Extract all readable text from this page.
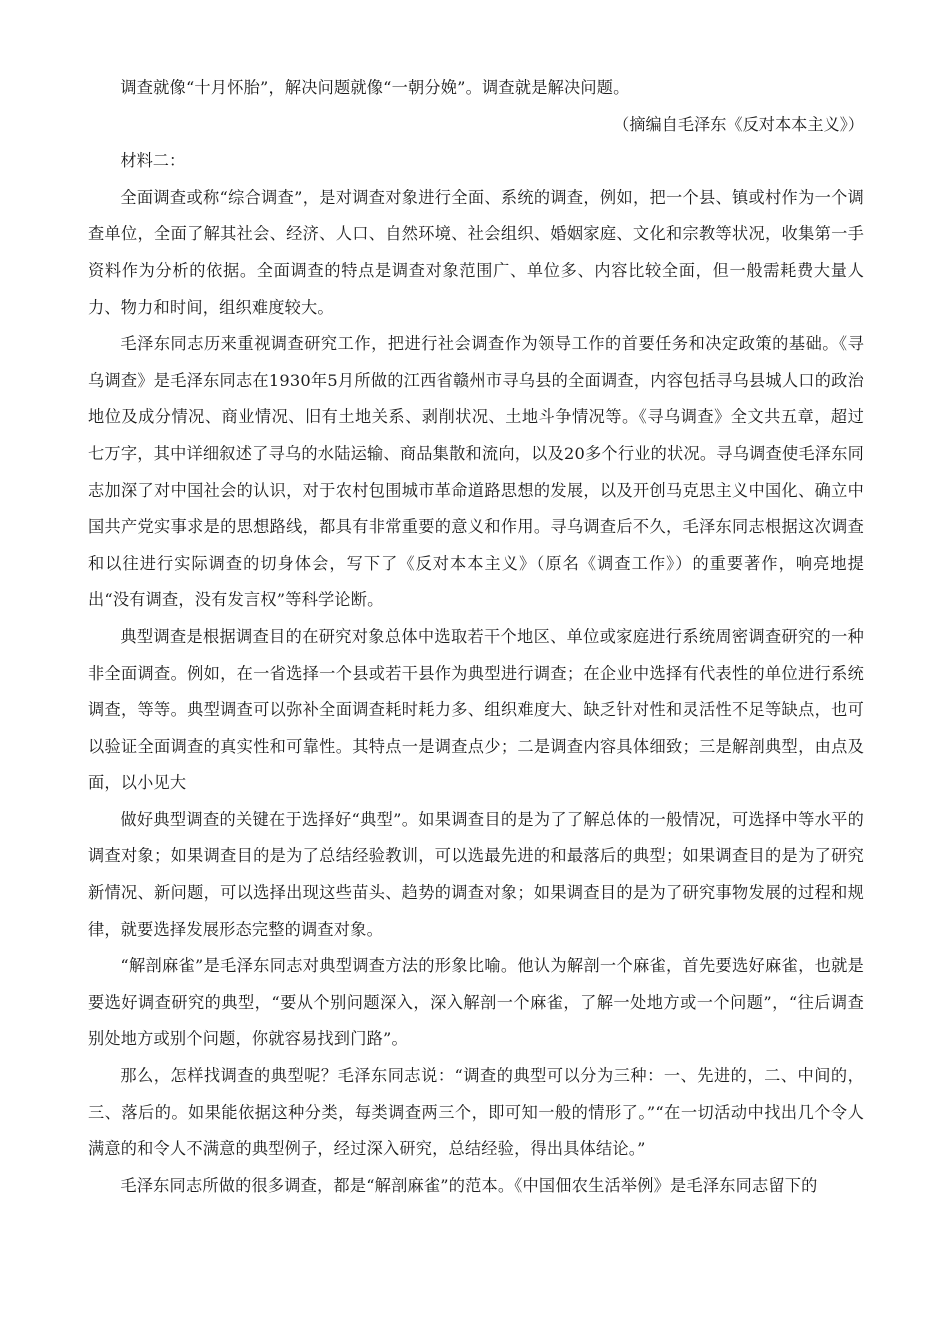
调查就像“十月怀胎”，解决问题就像“一朝分娩”。调查就是解决问题。

（摘编自毛泽东《反对本本主义》）

材料二：

全面调查或称“综合调查”，是对调查对象进行全面、系统的调查，例如，把一个县、镇或村作为一个调查单位，全面了解其社会、经济、人口、自然环境、社会组织、婚姻家庭、文化和宗教等状况，收集第一手资料作为分析的依据。全面调查的特点是调查对象范围广、单位多、内容比较全面，但一般需耗费大量人力、物力和时间，组织难度较大。

毛泽东同志历来重视调查研究工作，把进行社会调查作为领导工作的首要任务和决定政策的基础。《寻乌调查》是毛泽东同志在1930年5月所做的江西省赣州市寻乌县的全面调查，内容包括寻乌县城人口的政治地位及成分情况、商业情况、旧有土地关系、剥削状况、土地斗争情况等。《寻乌调查》全文共五章，超过七万字，其中详细叙述了寻乌的水陆运输、商品集散和流向，以及20多个行业的状况。寻乌调查使毛泽东同志加深了对中国社会的认识，对于农村包围城市革命道路思想的发展，以及开创马克思主义中国化、确立中国共产党实事求是的思想路线，都具有非常重要的意义和作用。寻乌调查后不久，毛泽东同志根据这次调查和以往进行实际调查的切身体会，写下了《反对本本主义》（原名《调查工作》）的重要著作，响亮地提出“没有调查，没有发言权”等科学论断。

典型调查是根据调查目的在研究对象总体中选取若干个地区、单位或家庭进行系统周密调查研究的一种非全面调查。例如，在一省选择一个县或若干县作为典型进行调查；在企业中选择有代表性的单位进行系统调查，等等。典型调查可以弥补全面调查耗时耗力多、组织难度大、缺乏针对性和灵活性不足等缺点，也可以验证全面调查的真实性和可靠性。其特点一是调查点少；二是调查内容具体细致；三是解剖典型，由点及面，以小见大

做好典型调查的关键在于选择好“典型”。如果调查目的是为了了解总体的一般情况，可选择中等水平的调查对象；如果调查目的是为了总结经验教训，可以选最先进的和最落后的典型；如果调查目的是为了研究新情况、新问题，可以选择出现这些苗头、趋势的调查对象；如果调查目的是为了研究事物发展的过程和规律，就要选择发展形态完整的调查对象。

“解剖麻雀”是毛泽东同志对典型调查方法的形象比喻。他认为解剖一个麻雀，首先要选好麻雀，也就是要选好调查研究的典型，“要从个别问题深入，深入解剖一个麻雀，了解一处地方或一个问题”，“往后调查别处地方或别个问题，你就容易找到门路”。

那么，怎样找调查的典型呢？毛泽东同志说：“调查的典型可以分为三种：一、先进的，二、中间的，三、落后的。如果能依据这种分类，每类调查两三个，即可知一般的情形了。”“在一切活动中找出几个令人满意的和令人不满意的典型例子，经过深入研究，总结经验，得出具体结论。”

毛泽东同志所做的很多调查，都是“解剖麻雀”的范本。《中国佃农生活举例》是毛泽东同志留下的
